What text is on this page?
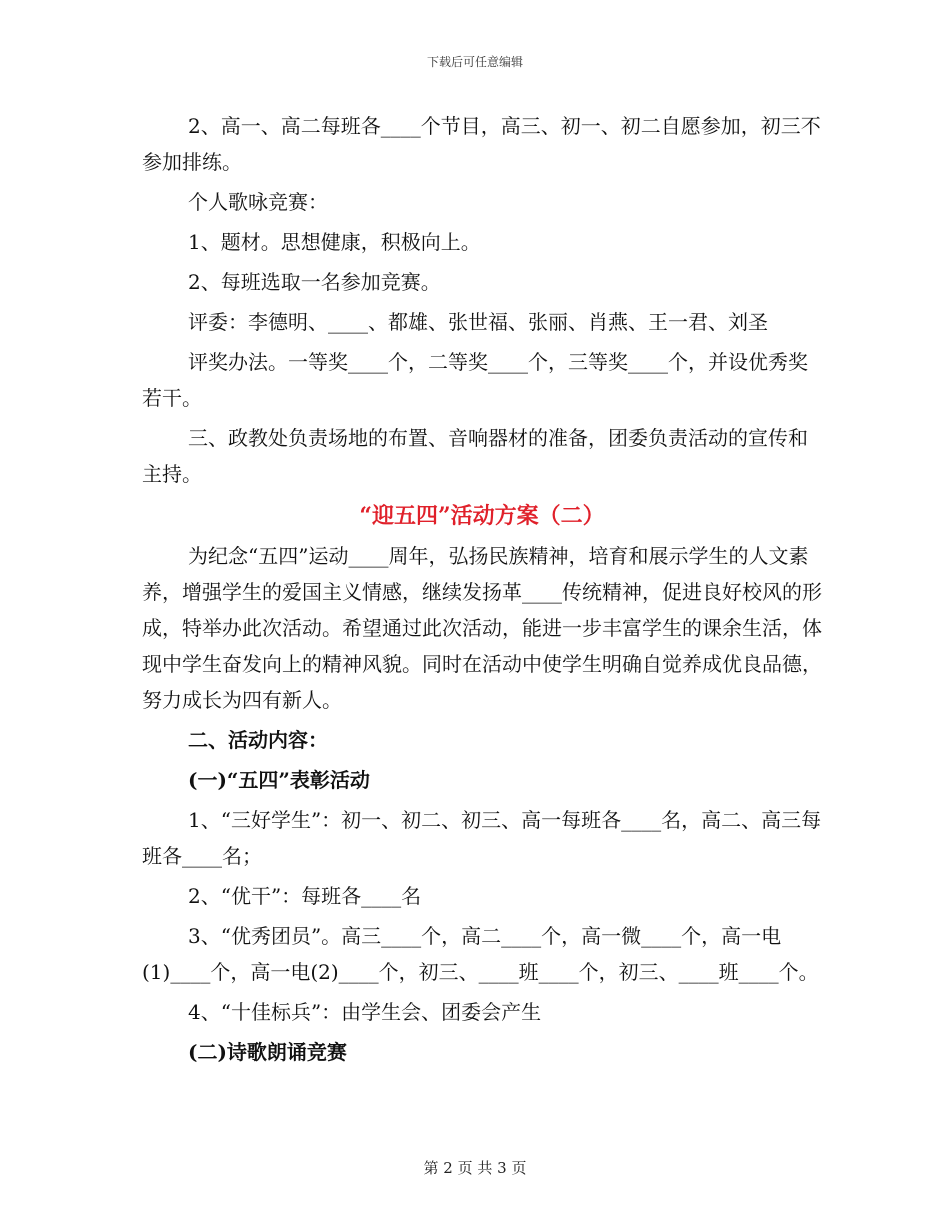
下载后可任意编辑

2、高一、高二每班各____个节目，高三、初一、初二自愿参加，初三不参加排练。

个人歌咏竞赛：

1、题材。思想健康，积极向上。

2、每班选取一名参加竞赛。

评委：李德明、____、都雄、张世福、张丽、肖燕、王一君、刘圣

评奖办法。一等奖____个，二等奖____个，三等奖____个，并设优秀奖若干。

三、政教处负责场地的布置、音响器材的准备，团委负责活动的宣传和主持。

“迎五四”活动方案（二）

为纪念“五四”运动____周年，弘扬民族精神，培育和展示学生的人文素养，增强学生的爱国主义情感，继续发扬革____传统精神，促进良好校风的形成，特举办此次活动。希望通过此次活动，能进一步丰富学生的课余生活，体现中学生奋发向上的精神风貌。同时在活动中使学生明确自觉养成优良品德，努力成长为四有新人。

二、活动内容：

(一)“五四”表彰活动

1、“三好学生”：初一、初二、初三、高一每班各____名，高二、高三每班各____名；

2、“优干”：每班各____名

3、“优秀团员”。高三____个，高二____个，高一微____个，高一电(1)____个，高一电(2)____个，初三、____班____个，初三、____班____个。

4、“十佳标兵”：由学生会、团委会产生

(二)诗歌朗诵竞赛

第 2 页 共 3 页
